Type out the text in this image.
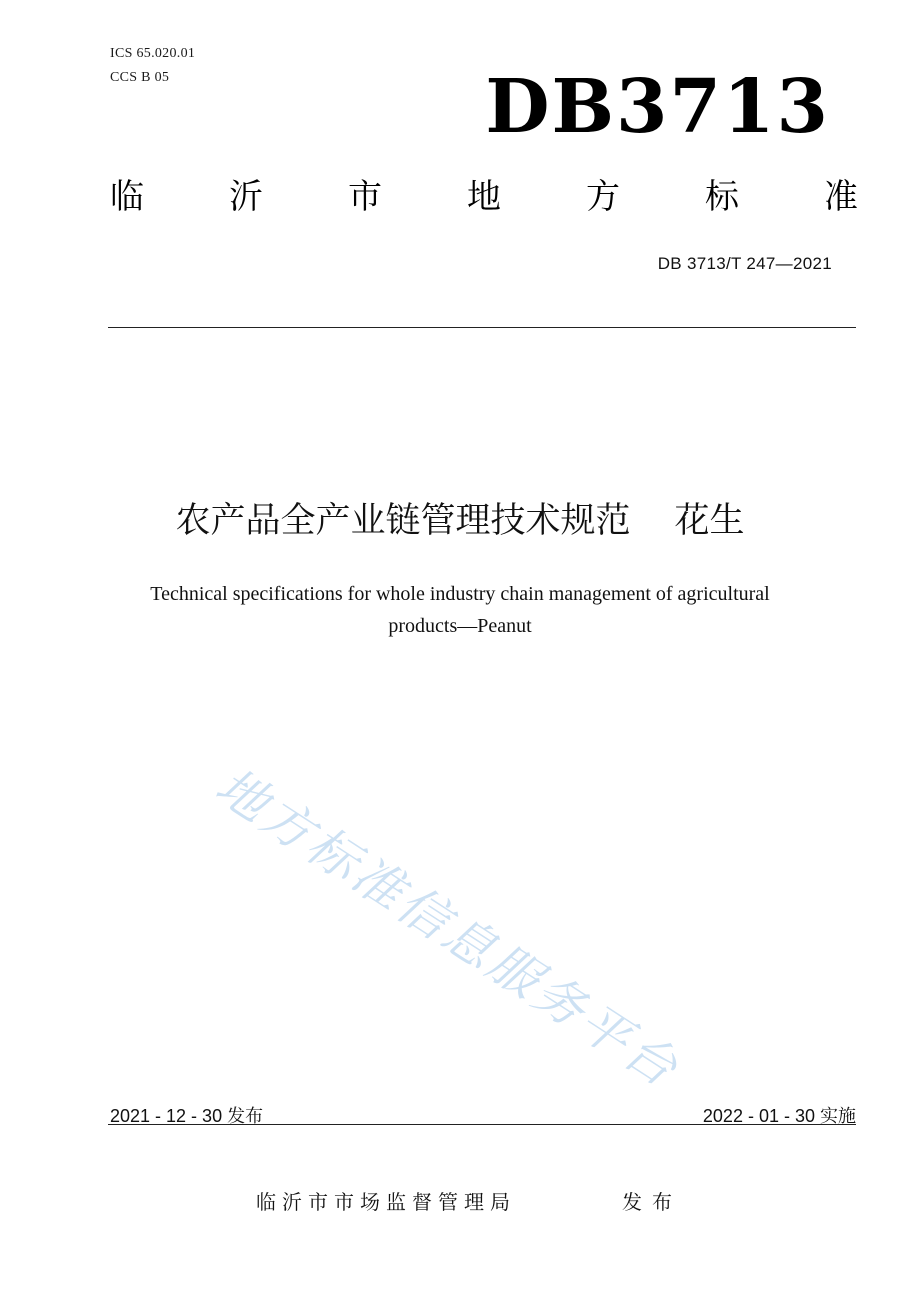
ICS 65.020.01
CCS B 05	DB3713
临	沂	市	地	方	标	准
DB 3713/T 247—2021
农产品全产业链管理技术规范 花生
Technical specifications for whole industry chain management of agricultural
products—Peanut
地方标准信息服务平台
2021 - 12 - 30 发布	2022 - 01 - 30 实施
临沂市市场监督管理局	发布
